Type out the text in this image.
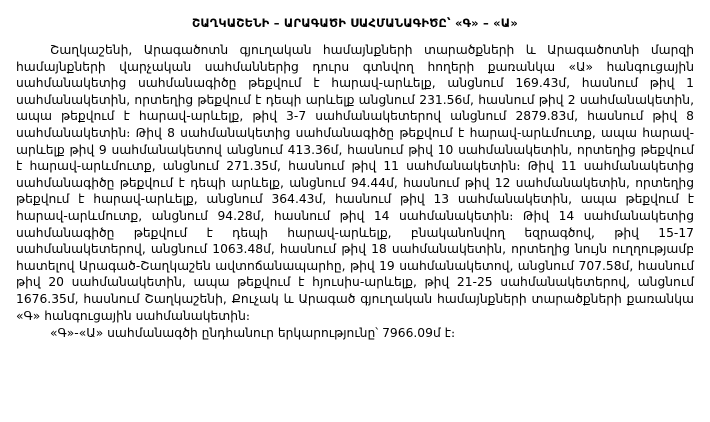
ՇԱՂԿԱՇԵՆԻ – ԱՐԱԳԱԾԻ ՍԱՀՄԱՆԱԳԻԾԸ՝ «Գ» – «Ա»

Շաղկաշենի, Արագածոտն գյուղական համայնքների տարածքների և Արագածոտնի մարզի համայնքների վարչական սահմաններից դուրս գտնվող հողերի քառանկա «Ա» հանգուցային սահմանակետից սահմանագիծը թեքվում է հարավ-արևելք, անցնում 169.43մ, հասնում թիվ 1 սահմանակետին, որտեղից թեքվում է դեպի արևելք անցնում 231.56մ, հասնում թիվ 2 սահմանակետին, ապա թեքվում է հարավ-արևելք, թիվ 3-7 սահմանակետերով անցնում 2879.83մ, հասնում թիվ 8 սահմանակետին։ Թիվ 8 սահմանակետից սահմանագիծը թեքվում է հարավ-արևմուտք, ապա հարավ-արևելք թիվ 9 սահմանակետով անցնում 413.36մ, հասնում թիվ 10 սահմանակետին, որտեղից թեքվում է հարավ-արևմուտք, անցնում 271.35մ, հասնում թիվ 11 սահմանակետին։ Թիվ 11 սահմանակետից սահմանագիծը թեքվում է դեպի արևելք, անցնում 94.44մ, հասնում թիվ 12 սահմանակետին, որտեղից թեքվում է հարավ-արևելք, անցնում 364.43մ, հասնում թիվ 13 սահմանակետին, ապա թեքվում է հարավ-արևմուտք, անցնում 94.28մ, հասնում թիվ 14 սահմանակետին։ Թիվ 14 սահմանակետից սահմանագիծը թեքվում է դեպի հարավ-արևելք, բնականոնվող եզրագծով, թիվ 15-17 սահմանակետերով, անցնում 1063.48մ, հասնում թիվ 18 սահմանակետին, որտեղից նույն ուղղությամբ հատելով Արագած-Շաղկաշեն ավտոճանապարհը, թիվ 19 սահմանակետով, անցնում 707.58մ, հասնում թիվ 20 սահմանակետին, ապա թեքվում է հյուսիս-արևելք, թիվ 21-25 սահմանակետերով, անցնում 1676.35մ, հասնում Շաղկաշենի, Քուչակ և Արագած գյուղական համայնքների տարածքների քառանկա «Գ» հանգուցային սահմանակետին։

«Գ»-«Ա» սահմանագծի ընդհանուր երկարությունը՝ 7966.09մ է։
